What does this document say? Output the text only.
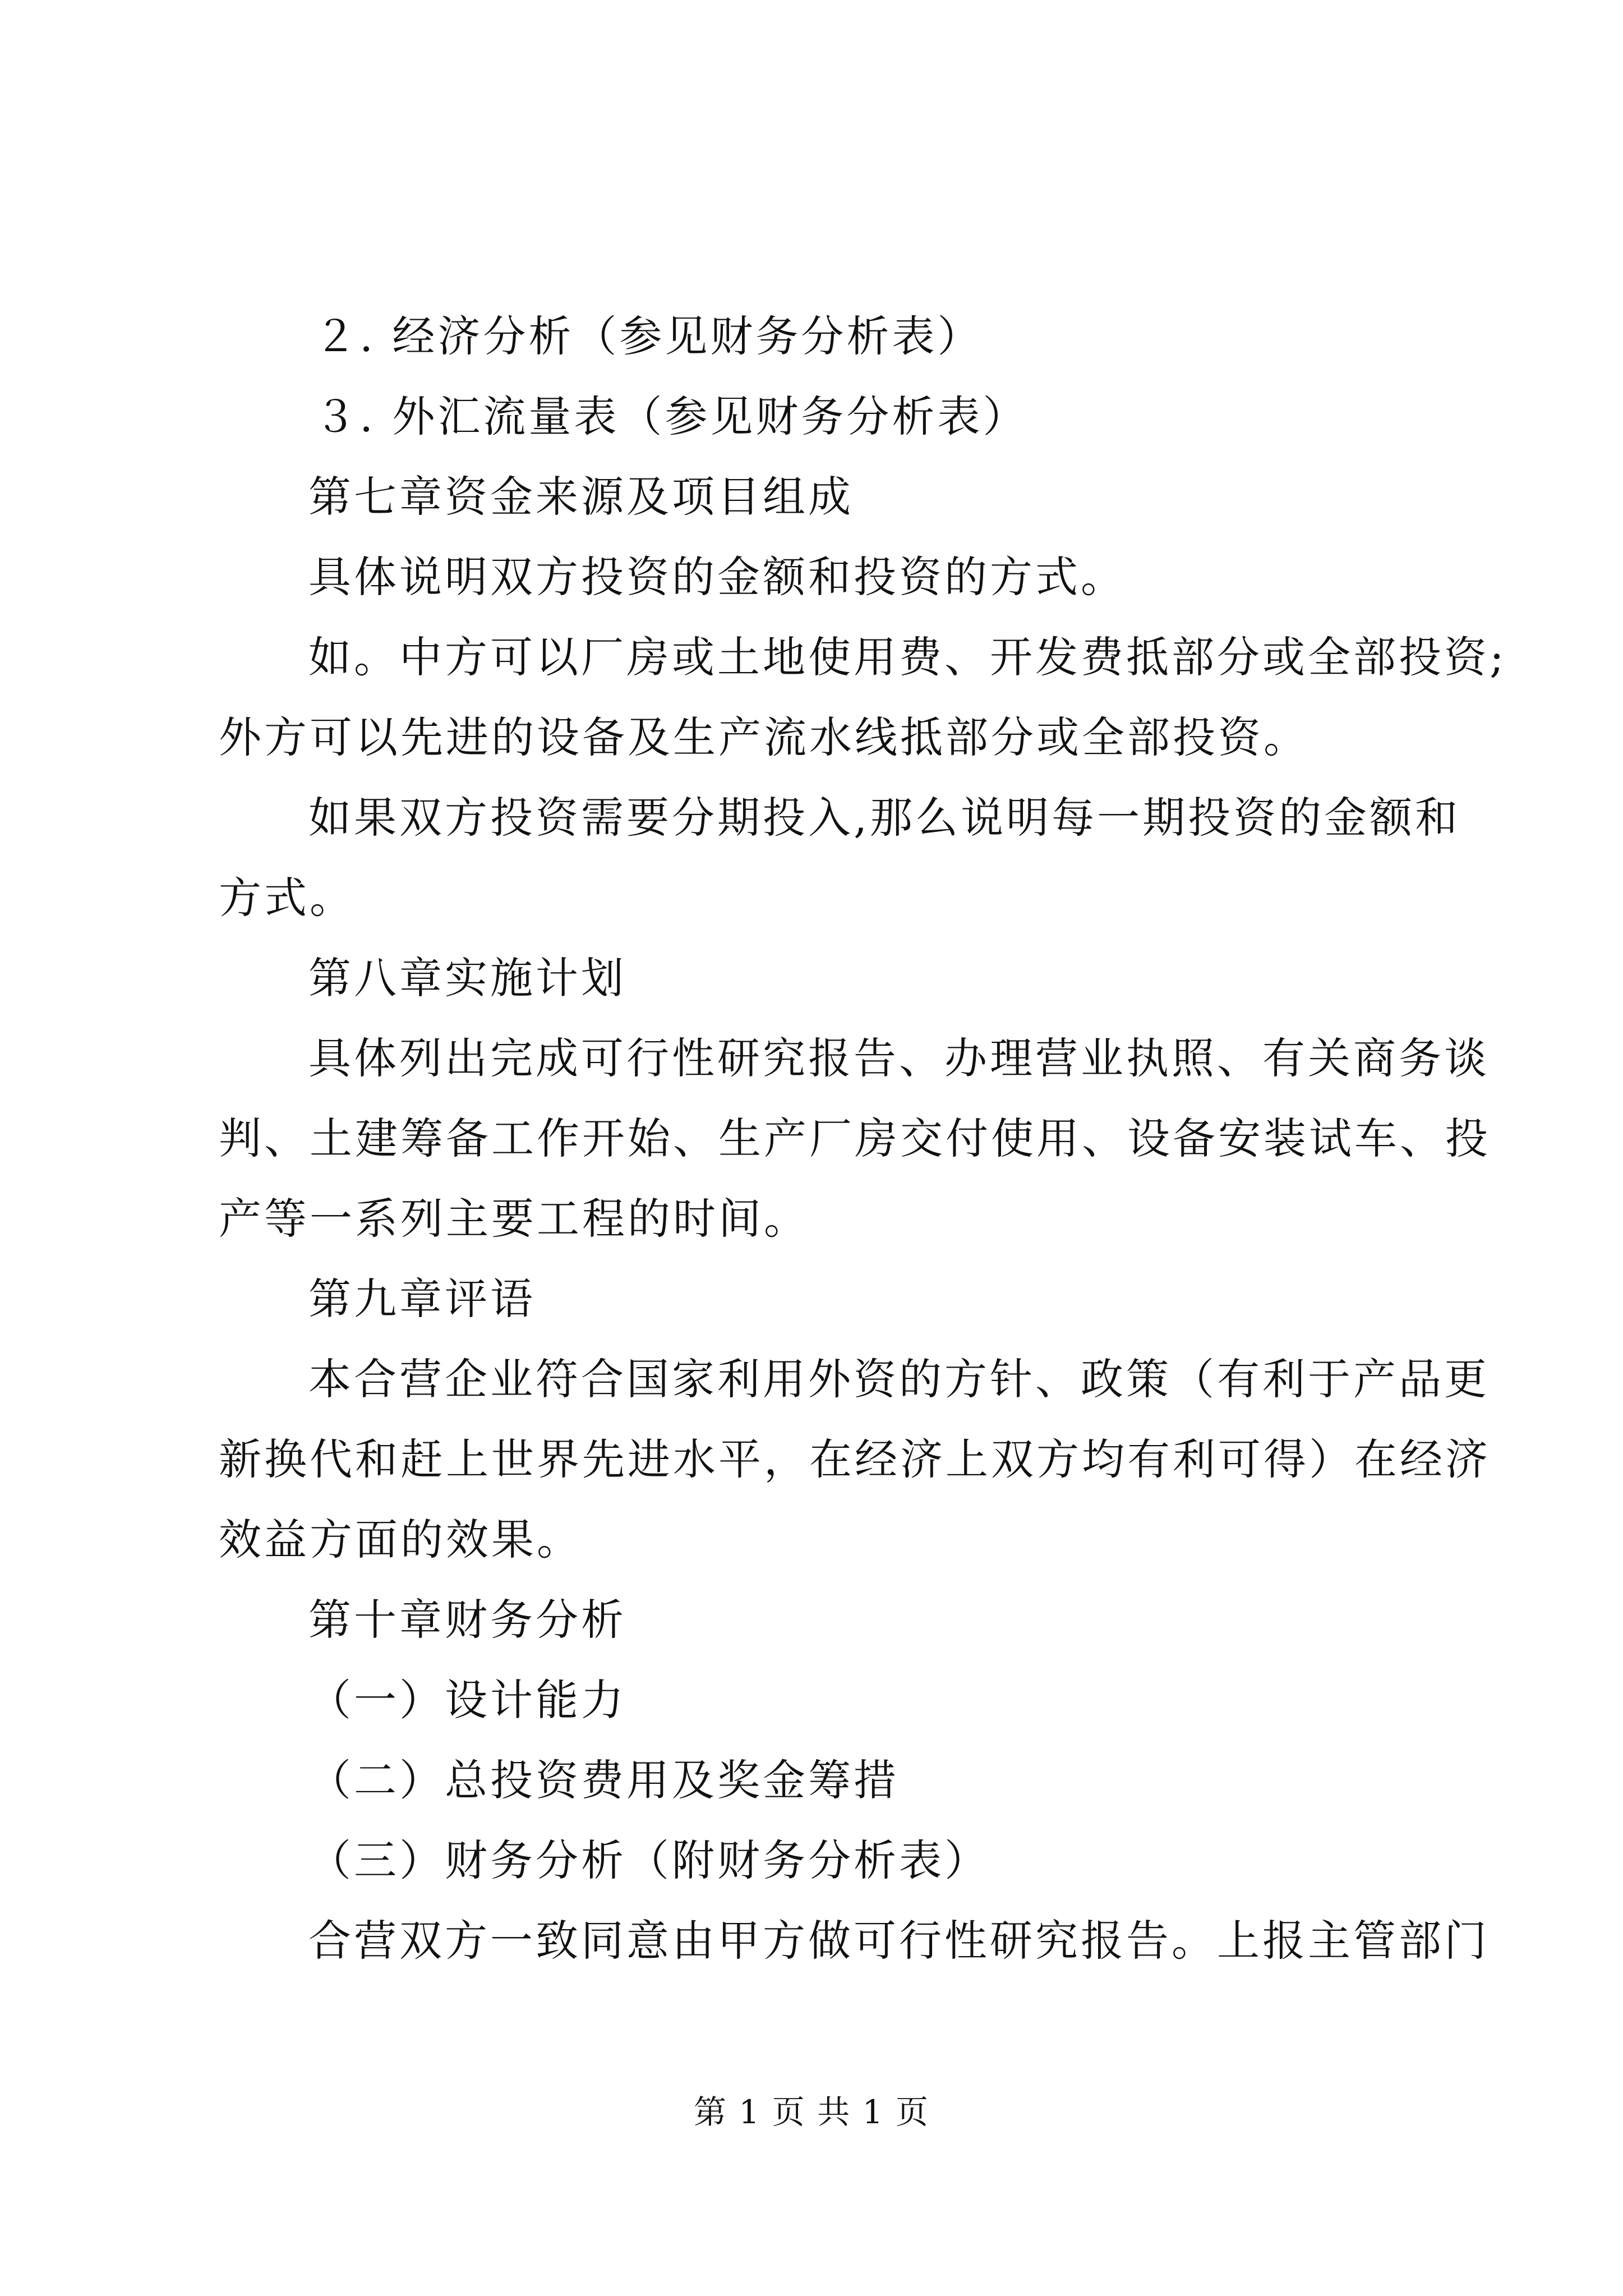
２. 经济分析（参见财务分析表）
３. 外汇流量表（参见财务分析表）
第七章资金来源及项目组成
具体说明双方投资的金额和投资的方式。
如。中方可以厂房或土地使用费、开发费抵部分或全部投资;
外方可以先进的设备及生产流水线抵部分或全部投资。
如果双方投资需要分期投入,那么说明每一期投资的金额和
方式。
第八章实施计划
具体列出完成可行性研究报告、办理营业执照、有关商务谈
判、土建筹备工作开始、生产厂房交付使用、设备安装试车、投
产等一系列主要工程的时间。
第九章评语
本合营企业符合国家利用外资的方针、政策（有利于产品更
新换代和赶上世界先进水平，在经济上双方均有利可得）在经济
效益方面的效果。
第十章财务分析
（一）设计能力
（二）总投资费用及奖金筹措
（三）财务分析（附财务分析表）
合营双方一致同意由甲方做可行性研究报告。上报主管部门
第 1 页 共 1 页
